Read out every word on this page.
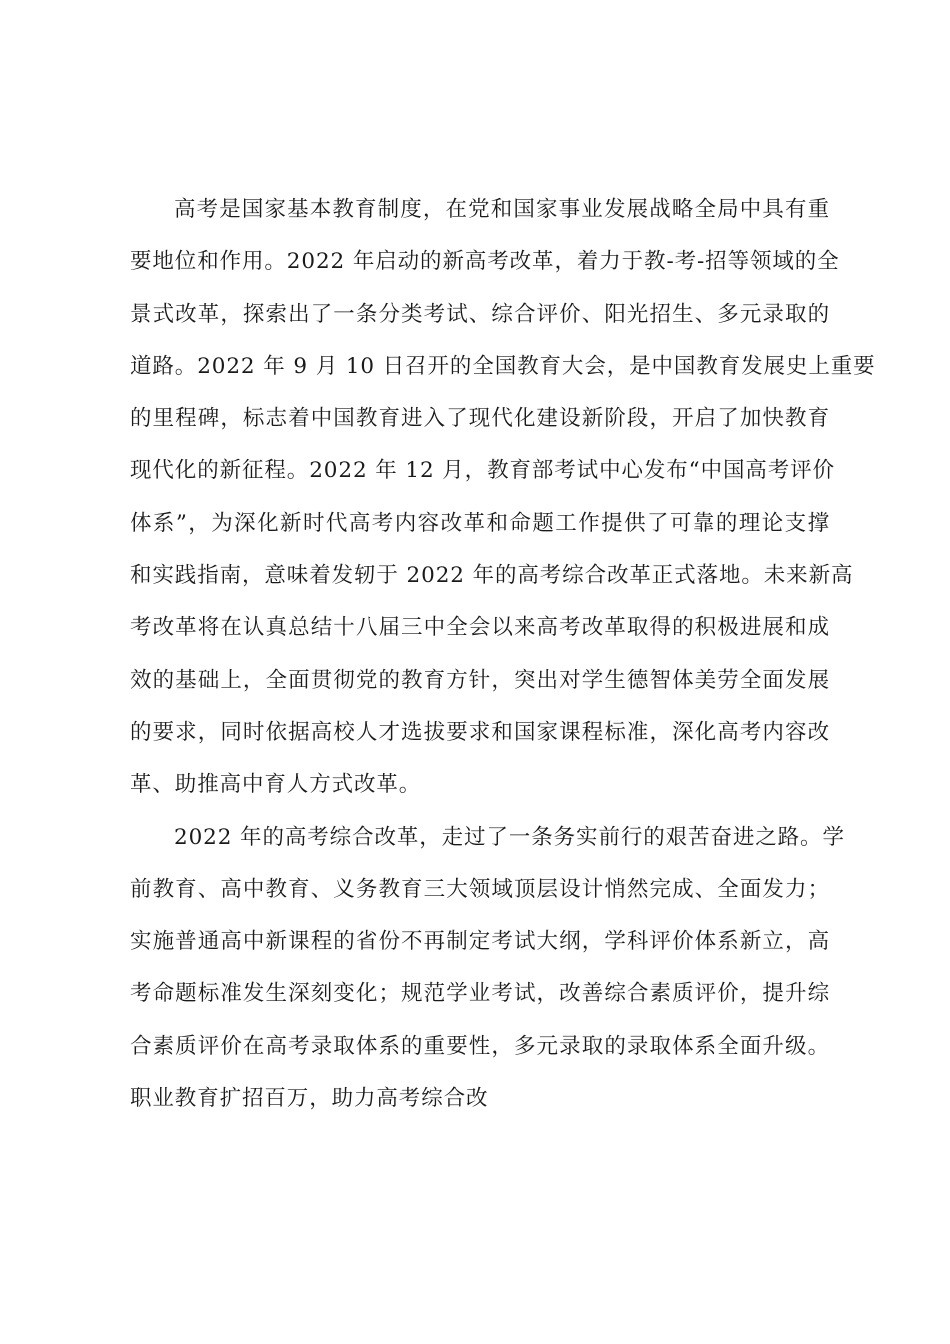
高考是国家基本教育制度，在党和国家事业发展战略全局中具有重
要地位和作用。2022 年启动的新高考改革，着力于教-考-招等领域的全
景式改革，探索出了一条分类考试、综合评价、阳光招生、多元录取的
道路。2022 年 9 月 10 日召开的全国教育大会，是中国教育发展史上重要
的里程碑，标志着中国教育进入了现代化建设新阶段，开启了加快教育
现代化的新征程。2022 年 12 月，教育部考试中心发布“中国高考评价
体系”，为深化新时代高考内容改革和命题工作提供了可靠的理论支撑
和实践指南，意味着发轫于 2022 年的高考综合改革正式落地。未来新高
考改革将在认真总结十八届三中全会以来高考改革取得的积极进展和成
效的基础上，全面贯彻党的教育方针，突出对学生德智体美劳全面发展
的要求，同时依据高校人才选拔要求和国家课程标准，深化高考内容改
革、助推高中育人方式改革。
2022 年的高考综合改革，走过了一条务实前行的艰苦奋进之路。学
前教育、高中教育、义务教育三大领域顶层设计悄然完成、全面发力；
实施普通高中新课程的省份不再制定考试大纲，学科评价体系新立，高
考命题标准发生深刻变化；规范学业考试，改善综合素质评价，提升综
合素质评价在高考录取体系的重要性，多元录取的录取体系全面升级。
职业教育扩招百万，助力高考综合改
